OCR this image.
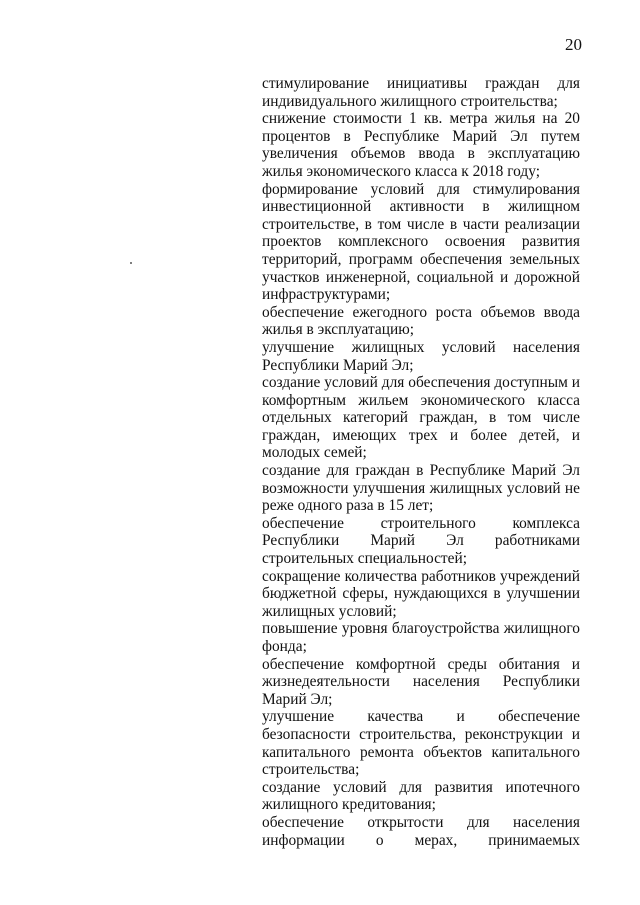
20

стимулирование инициативы граждан для индивидуального жилищного строительства;

снижение стоимости 1 кв. метра жилья на 20 процентов в Республике Марий Эл путем увеличения объемов ввода в эксплуатацию жилья экономического класса к 2018 году;

формирование условий для стимулирования инвестиционной активности в жилищном строительстве, в том числе в части реализации проектов комплексного освоения развития территорий, программ обеспечения земельных участков инженерной, социальной и дорожной инфраструктурами;

обеспечение ежегодного роста объемов ввода жилья в эксплуатацию;

улучшение жилищных условий населения Республики Марий Эл;

создание условий для обеспечения доступным и комфортным жильем экономического класса отдельных категорий граждан, в том числе граждан, имеющих трех и более детей, и молодых семей;

создание для граждан в Республике Марий Эл возможности улучшения жилищных условий не реже одного раза в 15 лет;

обеспечение строительного комплекса Республики Марий Эл работниками строительных специальностей;

сокращение количества работников учреждений бюджетной сферы, нуждающихся в улучшении жилищных условий;

повышение уровня благоустройства жилищного фонда;

обеспечение комфортной среды обитания и жизнедеятельности населения Республики Марий Эл;

улучшение качества и обеспечение безопасности строительства, реконструкции и капитального ремонта объектов капитального строительства;

создание условий для развития ипотечного жилищного кредитования;

обеспечение открытости для населения информации о мерах, принимаемых
